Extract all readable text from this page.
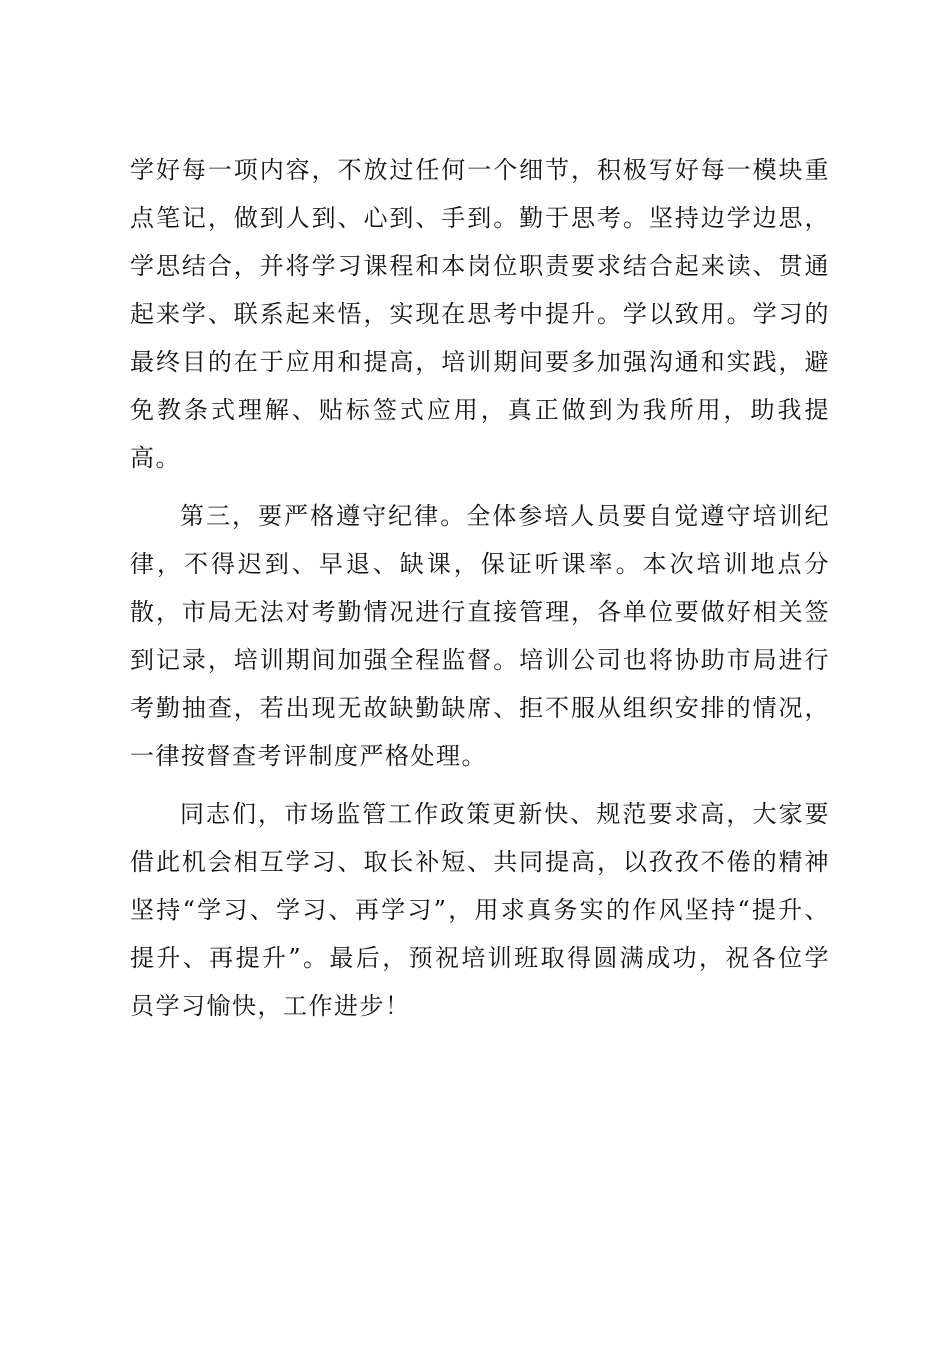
学好每一项内容，不放过任何一个细节，积极写好每一模块重点笔记，做到人到、心到、手到。勤于思考。坚持边学边思，学思结合，并将学习课程和本岗位职责要求结合起来读、贯通起来学、联系起来悟，实现在思考中提升。学以致用。学习的最终目的在于应用和提高，培训期间要多加强沟通和实践，避免教条式理解、贴标签式应用，真正做到为我所用，助我提高。

第三，要严格遵守纪律。全体参培人员要自觉遵守培训纪律，不得迟到、早退、缺课，保证听课率。本次培训地点分散，市局无法对考勤情况进行直接管理，各单位要做好相关签到记录，培训期间加强全程监督。培训公司也将协助市局进行考勤抽查，若出现无故缺勤缺席、拒不服从组织安排的情况，一律按督查考评制度严格处理。

同志们，市场监管工作政策更新快、规范要求高，大家要借此机会相互学习、取长补短、共同提高，以孜孜不倦的精神坚持“学习、学习、再学习”，用求真务实的作风坚持“提升、提升、再提升”。最后，预祝培训班取得圆满成功，祝各位学员学习愉快，工作进步！
